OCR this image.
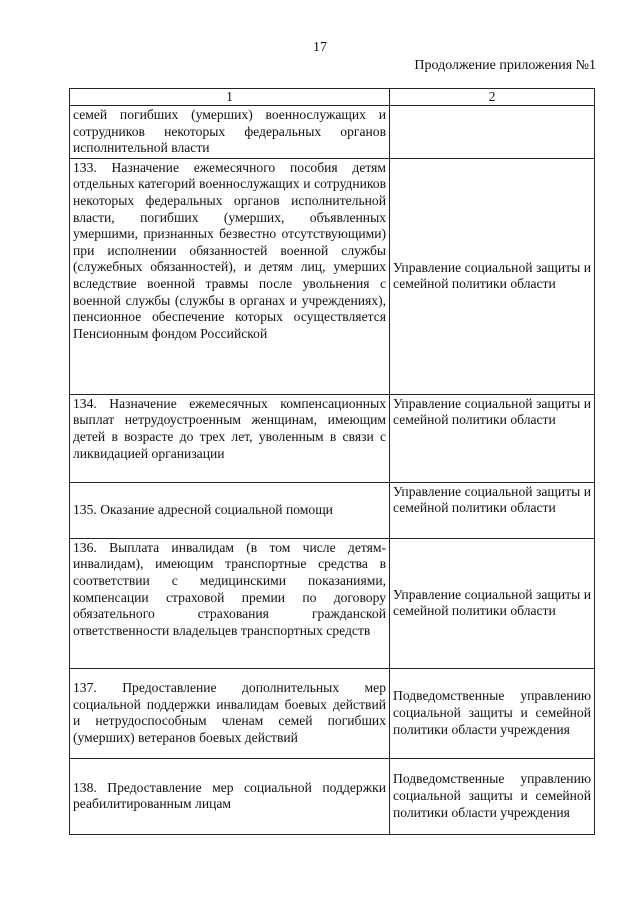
17
Продолжение приложения №1
1	2
семей погибших (умерших) военнослужащих и сотрудников некоторых федеральных органов исполнительной власти	
133. Назначение ежемесячного пособия детям отдельных категорий военнослужащих и сотрудников некоторых федеральных органов исполнительной власти, погибших (умерших, объявленных умершими, признанных безвестно отсутствующими) при исполнении обязанностей военной службы (служебных обязанностей), и детям лиц, умерших вследствие военной травмы после увольнения с военной службы (службы в органах и учреждениях), пенсионное обеспечение которых осуществляется Пенсионным фондом Российской	Управление социальной защиты и семейной политики области
134. Назначение ежемесячных компенсационных выплат нетрудоустроенным женщинам, имеющим детей в возрасте до трех лет, уволенным в связи с ликвидацией организации	Управление социальной защиты и семейной политики области
135. Оказание адресной социальной помощи	Управление социальной защиты и семейной политики области
136. Выплата инвалидам (в том числе детям-инвалидам), имеющим транспортные средства в соответствии с медицинскими показаниями, компенсации страховой премии по договору обязательного страхования гражданской ответственности владельцев транспортных средств	Управление социальной защиты и семейной политики области
137. Предоставление дополнительных мер социальной поддержки инвалидам боевых действий и нетрудоспособным членам семей погибших (умерших) ветеранов боевых действий	Подведомственные управлению социальной защиты и семейной политики области учреждения
138. Предоставление мер социальной поддержки реабилитированным лицам	Подведомственные управлению социальной защиты и семейной политики области учреждения
